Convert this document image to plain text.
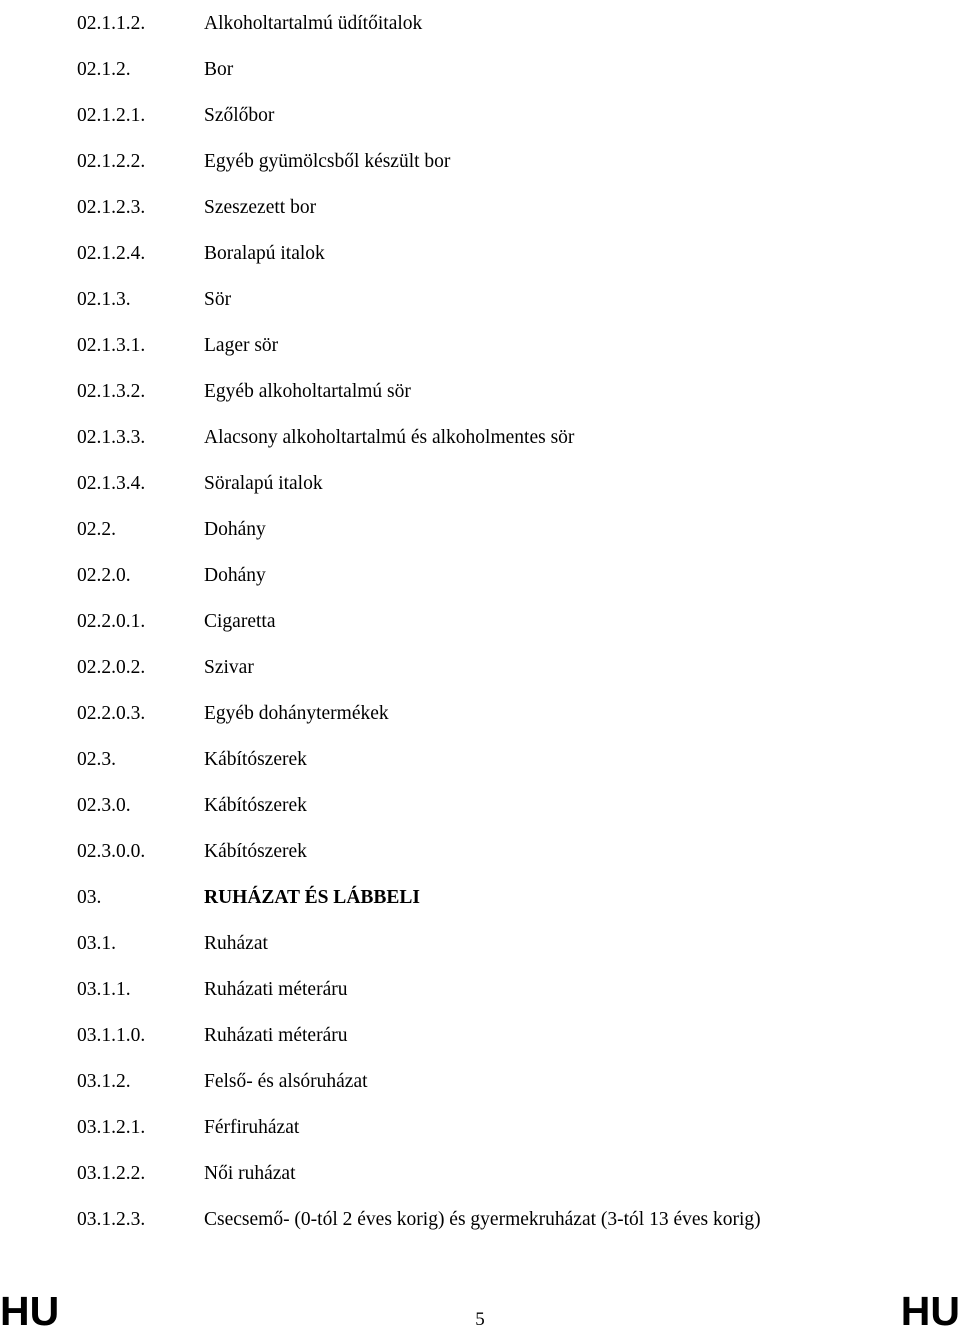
02.1.1.2.	Alkoholtartalmú üdítőitalok
02.1.2.	Bor
02.1.2.1.	Szőlőbor
02.1.2.2.	Egyéb gyümölcsből készült bor
02.1.2.3.	Szeszezett bor
02.1.2.4.	Boralapú italok
02.1.3.	Sör
02.1.3.1.	Lager sör
02.1.3.2.	Egyéb alkoholtartalmú sör
02.1.3.3.	Alacsony alkoholtartalmú és alkoholmentes sör
02.1.3.4.	Söralapú italok
02.2.	Dohány
02.2.0.	Dohány
02.2.0.1.	Cigaretta
02.2.0.2.	Szivar
02.2.0.3.	Egyéb dohánytermékek
02.3.	Kábítószerek
02.3.0.	Kábítószerek
02.3.0.0.	Kábítószerek
03.	RUHÁZAT ÉS LÁBBELI
03.1.	Ruházat
03.1.1.	Ruházati méteráru
03.1.1.0.	Ruházati méteráru
03.1.2.	Felső- és alsóruházat
03.1.2.1.	Férfiruházat
03.1.2.2.	Női ruházat
03.1.2.3.	Csecsemő- (0-tól 2 éves korig) és gyermekruházat (3-tól 13 éves korig)
HU	5	HU
